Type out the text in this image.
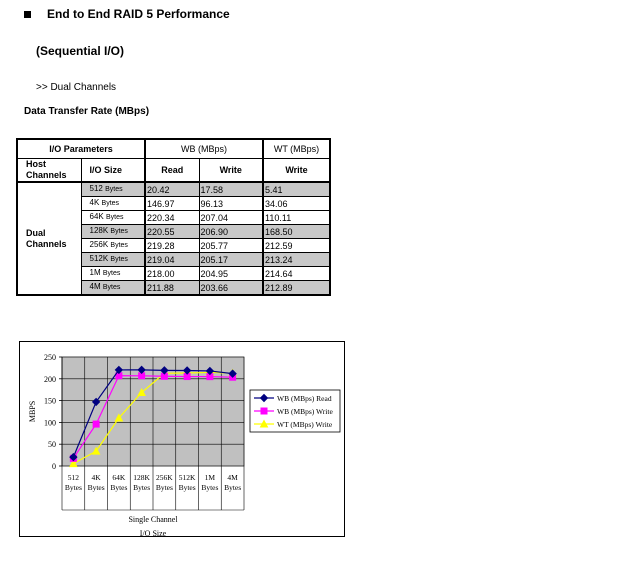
End to End RAID 5 Performance
(Sequential I/O)
>> Dual Channels
Data Transfer Rate (MBps)
I/O Parameters		WB (MBps)		WT (MBps)
Host Channels	I/O Size	Read	Write	Write
Dual Channels	512 Bytes	20.42	17.58	5.41
	4K Bytes	146.97	96.13	34.06
	64K Bytes	220.34	207.04	110.11
	128K Bytes	220.55	206.90	168.50
	256K Bytes	219.28	205.77	212.59
	512K Bytes	219.04	205.17	213.24
	1M Bytes	218.00	204.95	214.64
	4M Bytes	211.88	203.66	212.89
0
50
100
150
200
250
512
Bytes
4K
Bytes
64K
Bytes
128K
Bytes
256K
Bytes
512K
Bytes
1M
Bytes
4M
Bytes
Single Channel
I/O Size
MBPS
WB (MBps) Read
WB (MBps) Write
WT (MBps) Write
